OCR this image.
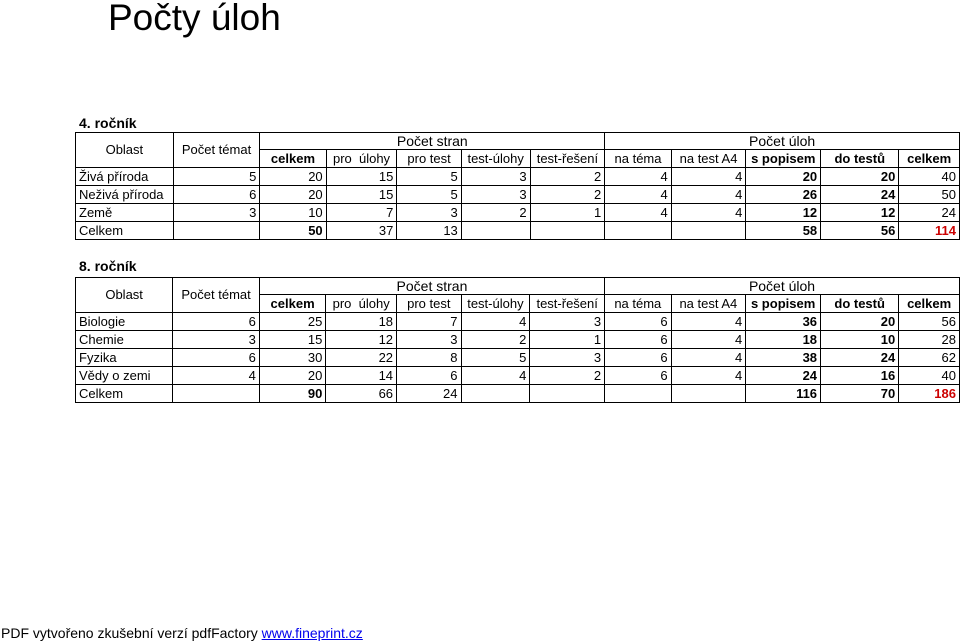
Počty úloh
4. ročník
Oblast	Počet témat	Počet stran					Počet úloh				
		celkem	pro  úlohy	pro test	test-úlohy	test-řešení	na téma	na test A4	s popisem	do testů	celkem
Živá příroda	5	20	15	5	3	2	4	4	20	20	40
Neživá příroda	6	20	15	5	3	2	4	4	26	24	50
Země	3	10	7	3	2	1	4	4	12	12	24
Celkem		50	37	13					58	56	114
8. ročník
Oblast	Počet témat	Počet stran					Počet úloh				
		celkem	pro  úlohy	pro test	test-úlohy	test-řešení	na téma	na test A4	s popisem	do testů	celkem
Biologie	6	25	18	7	4	3	6	4	36	20	56
Chemie	3	15	12	3	2	1	6	4	18	10	28
Fyzika	6	30	22	8	5	3	6	4	38	24	62
Vědy o zemi	4	20	14	6	4	2	6	4	24	16	40
Celkem		90	66	24					116	70	186

PDF vytvořeno zkušební verzí pdfFactory www.fineprint.cz
